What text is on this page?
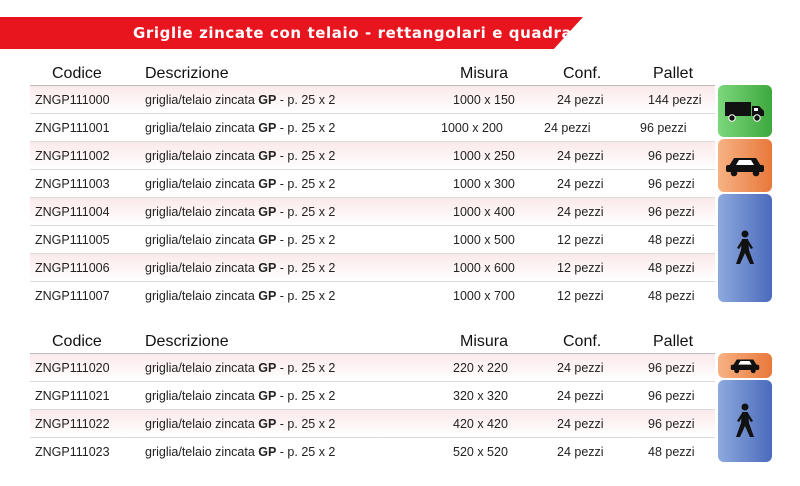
Griglie zincate con telaio - rettangolari e quadrate
Codice	Descrizione	Misura	Conf.	Pallet
ZNGP111000	griglia/telaio zincata GP - p. 25 x 2	1000 x 150	24 pezzi	144 pezzi
ZNGP111001	griglia/telaio zincata GP - p. 25 x 2	1000 x 200	24 pezzi	96 pezzi
ZNGP111002	griglia/telaio zincata GP - p. 25 x 2	1000 x 250	24 pezzi	96 pezzi
ZNGP111003	griglia/telaio zincata GP - p. 25 x 2	1000 x 300	24 pezzi	96 pezzi
ZNGP111004	griglia/telaio zincata GP - p. 25 x 2	1000 x 400	24 pezzi	96 pezzi
ZNGP111005	griglia/telaio zincata GP - p. 25 x 2	1000 x 500	12 pezzi	48 pezzi
ZNGP111006	griglia/telaio zincata GP - p. 25 x 2	1000 x 600	12 pezzi	48 pezzi
ZNGP111007	griglia/telaio zincata GP - p. 25 x 2	1000 x 700	12 pezzi	48 pezzi
Codice	Descrizione	Misura	Conf.	Pallet
ZNGP111020	griglia/telaio zincata GP - p. 25 x 2	220 x 220	24 pezzi	96 pezzi
ZNGP111021	griglia/telaio zincata GP - p. 25 x 2	320 x 320	24 pezzi	96 pezzi
ZNGP111022	griglia/telaio zincata GP - p. 25 x 2	420 x 420	24 pezzi	96 pezzi
ZNGP111023	griglia/telaio zincata GP - p. 25 x 2	520 x 520	24 pezzi	48 pezzi
